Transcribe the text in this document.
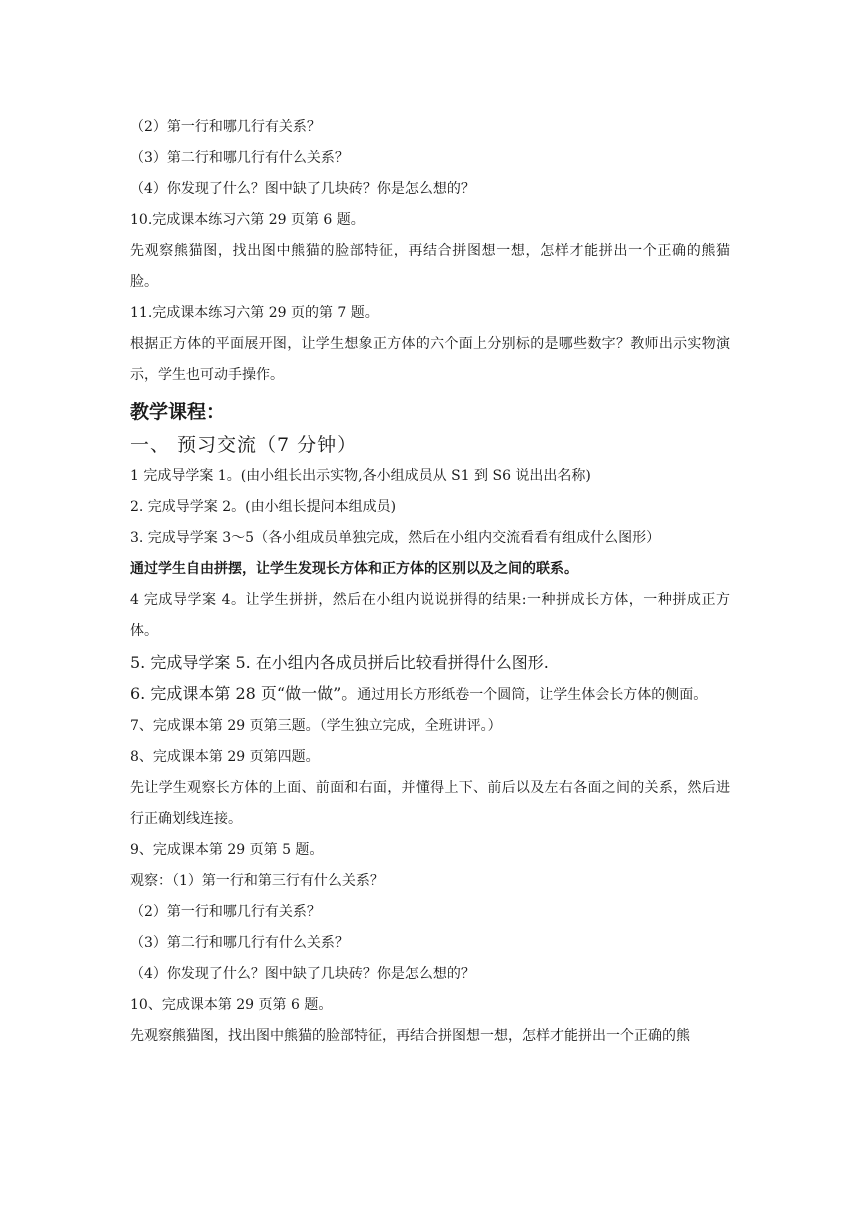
（2）第一行和哪几行有关系？
（3）第二行和哪几行有什么关系？
（4）你发现了什么？图中缺了几块砖？你是怎么想的？
10.完成课本练习六第 29 页第 6 题。
先观察熊猫图，找出图中熊猫的脸部特征，再结合拼图想一想，怎样才能拼出一个正确的熊猫脸。
11.完成课本练习六第 29 页的第 7 题。
根据正方体的平面展开图，让学生想象正方体的六个面上分别标的是哪些数字？教师出示实物演示，学生也可动手操作。
教学课程：
一、 预习交流（7 分钟）
1 完成导学案 1。(由小组长出示实物,各小组成员从 S1 到 S6 说出出名称)
2. 完成导学案 2。(由小组长提问本组成员)
3. 完成导学案 3～5（各小组成员单独完成，然后在小组内交流看看有组成什么图形）
通过学生自由拼摆，让学生发现长方体和正方体的区别以及之间的联系。
4 完成导学案 4。让学生拼拼，然后在小组内说说拼得的结果:一种拼成长方体，一种拼成正方体。
5. 完成导学案 5. 在小组内各成员拼后比较看拼得什么图形.
6. 完成课本第 28 页“做一做”。通过用长方形纸卷一个圆筒，让学生体会长方体的侧面。
7、完成课本第 29 页第三题。（学生独立完成，全班讲评。）
8、完成课本第 29 页第四题。
先让学生观察长方体的上面、前面和右面，并懂得上下、前后以及左右各面之间的关系，然后进行正确划线连接。
9、完成课本第 29 页第 5 题。
观察：（1）第一行和第三行有什么关系？
（2）第一行和哪几行有关系？
（3）第二行和哪几行有什么关系？
（4）你发现了什么？图中缺了几块砖？你是怎么想的？
10、完成课本第 29 页第 6 题。
先观察熊猫图，找出图中熊猫的脸部特征，再结合拼图想一想，怎样才能拼出一个正确的熊
